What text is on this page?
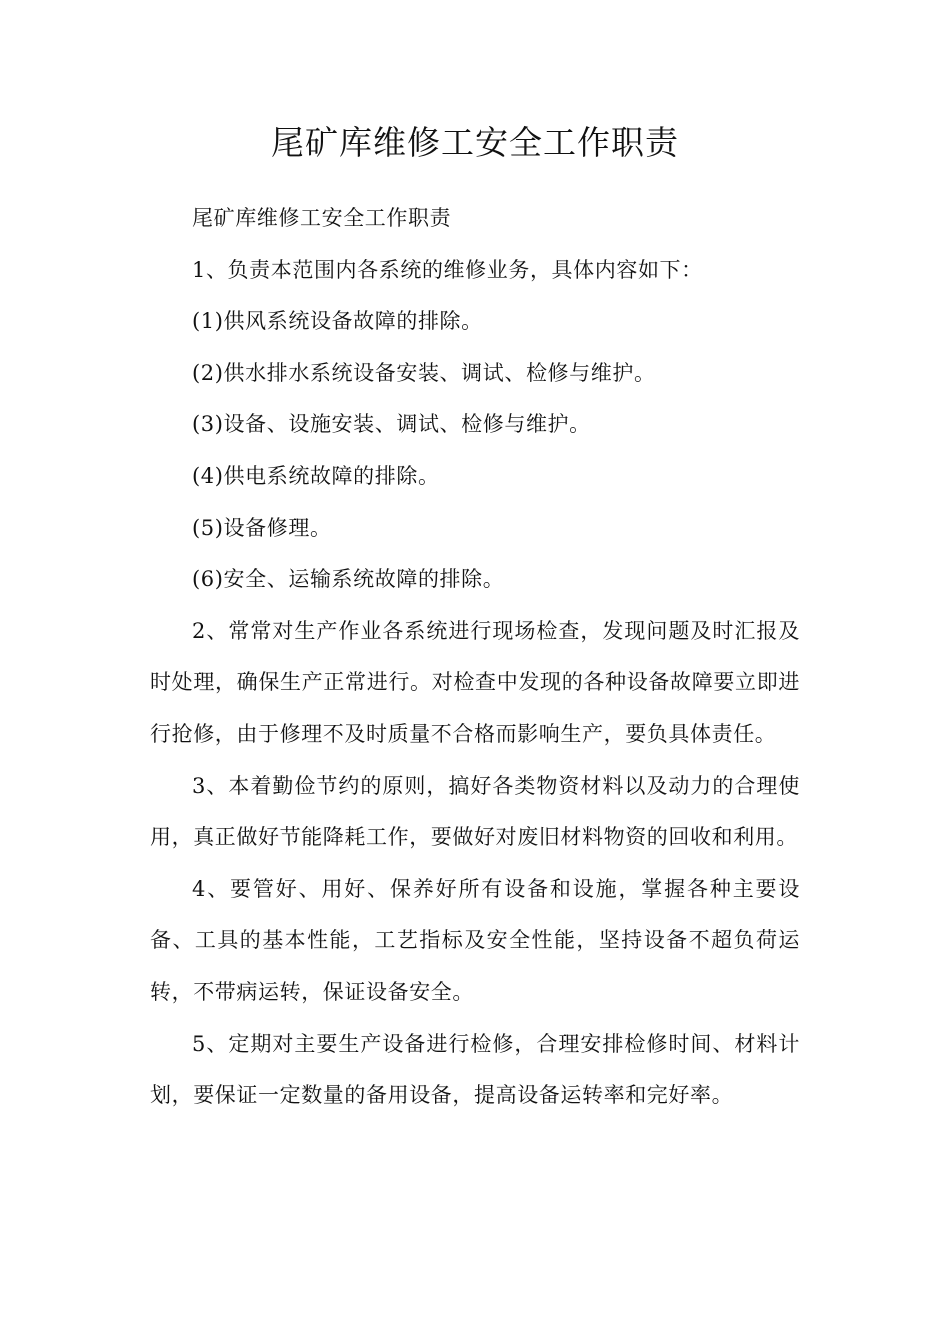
尾矿库维修工安全工作职责

尾矿库维修工安全工作职责

1、负责本范围内各系统的维修业务，具体内容如下：

(1)供风系统设备故障的排除。

(2)供水排水系统设备安装、调试、检修与维护。

(3)设备、设施安装、调试、检修与维护。

(4)供电系统故障的排除。

(5)设备修理。

(6)安全、运输系统故障的排除。

2、常常对生产作业各系统进行现场检查，发现问题及时汇报及时处理，确保生产正常进行。对检查中发现的各种设备故障要立即进行抢修，由于修理不及时质量不合格而影响生产，要负具体责任。

3、本着勤俭节约的原则，搞好各类物资材料以及动力的合理使用，真正做好节能降耗工作，要做好对废旧材料物资的回收和利用。

4、要管好、用好、保养好所有设备和设施，掌握各种主要设备、工具的基本性能，工艺指标及安全性能，坚持设备不超负荷运转，不带病运转，保证设备安全。

5、定期对主要生产设备进行检修，合理安排检修时间、材料计划，要保证一定数量的备用设备，提高设备运转率和完好率。
